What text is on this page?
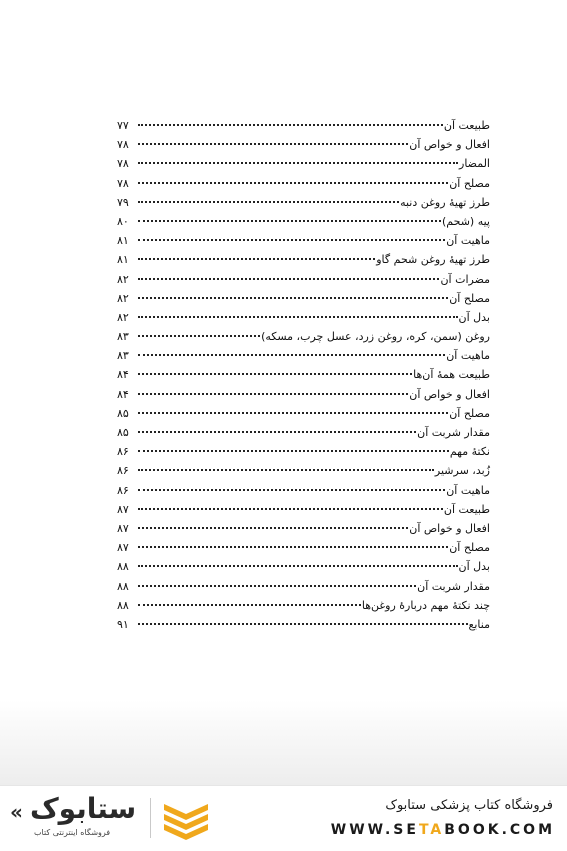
طبیعت آن
۷۷
افعال و خواص آن
۷۸
المضار
۷۸
مصلح آن
۷۸
طرز تهیهٔ روغن دنبه
۷۹
پیه (شحم)
۸۰
ماهیت آن
۸۱
طرز تهیهٔ روغن شحم گاو
۸۱
مضرات آن
۸۲
مصلح آن
۸۲
بدل آن
۸۲
روغن (سمن، کره، روغن زرد، عسل چرب، مسکه)
۸۳
ماهیت آن
۸۳
طبیعت همهٔ آن‌ها
۸۴
افعال و خواص آن
۸۴
مصلح آن
۸۵
مقدار شربت آن
۸۵
نکتهٔ مهم
۸۶
زُبد، سرشیر
۸۶
ماهیت آن
۸۶
طبیعت آن
۸۷
افعال و خواص آن
۸۷
مصلح آن
۸۷
بدل آن
۸۸
مقدار شربت آن
۸۸
چند نکتهٔ مهم دربارهٔ روغن‌ها
۸۸
منابع
۹۱
فروشگاه کتاب پزشکی ستابوک
WWW.SETABOOK.COM
ستابوک
«
فروشگاه اینترنتی کتاب
